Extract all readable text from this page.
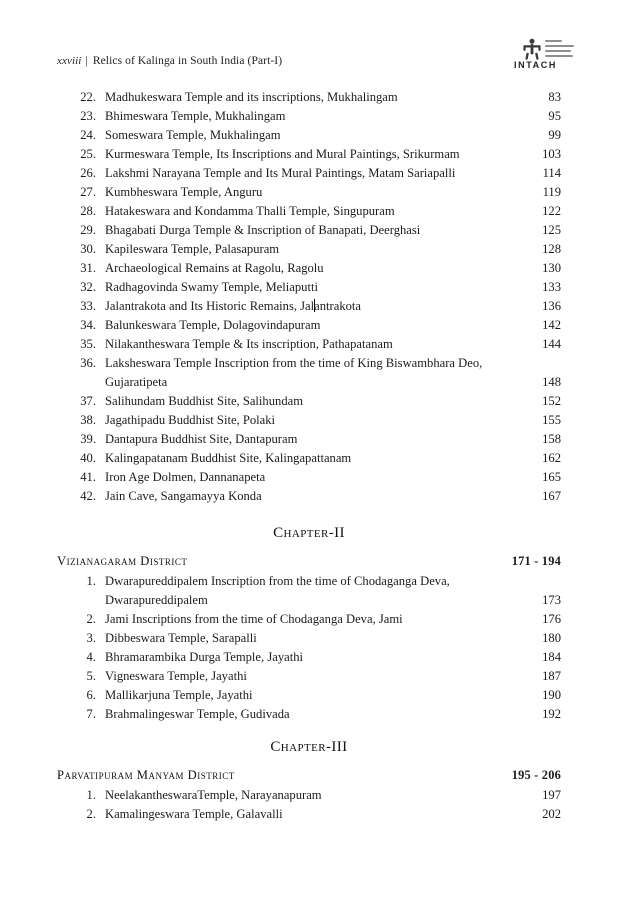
xxviii | Relics of Kalinga in South India (Part-I)	INTACH
22. Madhukeswara Temple and its inscriptions, Mukhalingam	83
23. Bhimeswara Temple, Mukhalingam	95
24. Someswara Temple, Mukhalingam	99
25. Kurmeswara Temple, Its Inscriptions and Mural Paintings, Srikurmam	103
26. Lakshmi Narayana Temple and Its Mural Paintings, Matam Sariapalli	114
27. Kumbheswara Temple, Anguru	119
28. Hatakeswara and Kondamma Thalli Temple, Singupuram	122
29. Bhagabati Durga Temple & Inscription of Banapati, Deerghasi	125
30. Kapileswara Temple, Palasapuram	128
31. Archaeological Remains at Ragolu, Ragolu	130
32. Radhagovinda Swamy Temple, Meliaputti	133
33. Jalantrakota and Its Historic Remains, Jalantrakota	136
34. Balunkeswara Temple, Dolagovindapuram	142
35. Nilakantheswara Temple & Its inscription, Pathapatanam	144
36. Laksheswara Temple Inscription from the time of King Biswambhara Deo,
Gujaratipeta	148
37. Salihundam Buddhist Site, Salihundam	152
38. Jagathipadu Buddhist Site, Polaki	155
39. Dantapura Buddhist Site, Dantapuram	158
40. Kalingapatanam Buddhist Site, Kalingapattanam	162
41. Iron Age Dolmen, Dannanapeta	165
42. Jain Cave, Sangamayya Konda	167
Chapter-II
Vizianagaram District	171 - 194
1. Dwarapureddipalem Inscription from the time of Chodaganga Deva,
Dwarapureddipalem	173
2. Jami Inscriptions from the time of Chodaganga Deva, Jami	176
3. Dibbeswara Temple, Sarapalli	180
4. Bhramarambika Durga Temple, Jayathi	184
5. Vigneswara Temple, Jayathi	187
6. Mallikarjuna Temple, Jayathi	190
7. Brahmalingeswar Temple, Gudivada	192
Chapter-III
Parvatipuram Manyam District	195 - 206
1. NeelakantheswaraTemple, Narayanapuram	197
2. Kamalingeswara Temple, Galavalli	202
